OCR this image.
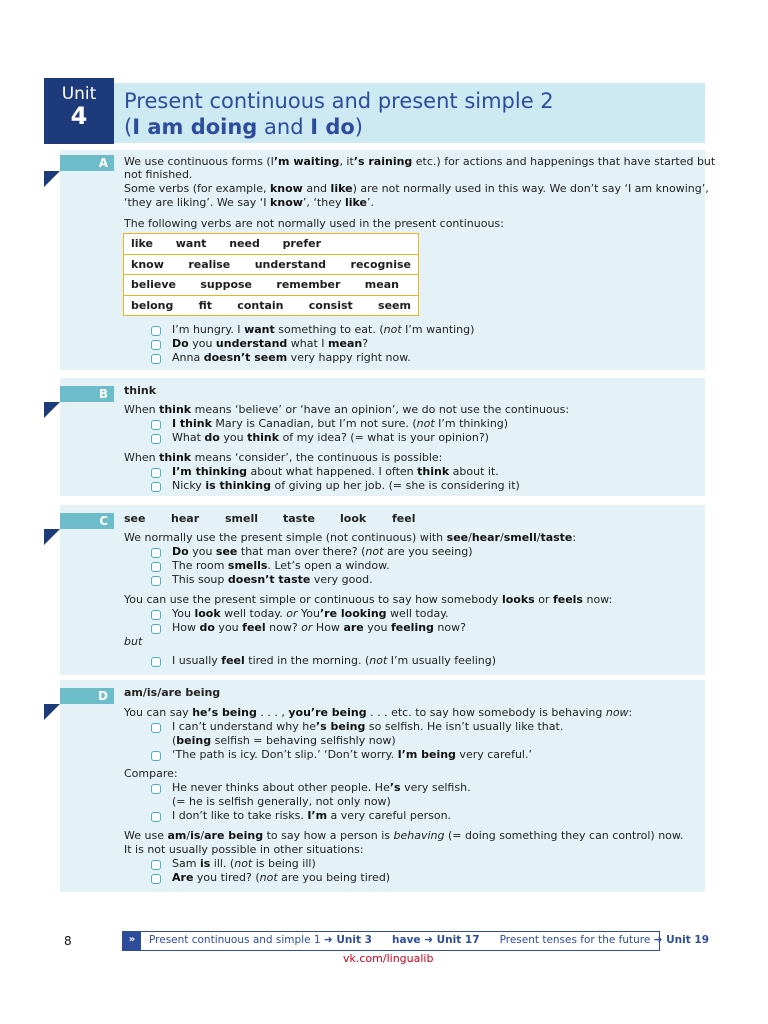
Unit
4
Present continuous and present simple 2
(I am doing and I do)
A	We use continuous forms (I’m waiting, it’s raining etc.) for actions and happenings that have started but
not finished.
Some verbs (for example, know and like) are not normally used in this way. We don’t say ‘I am knowing’,
‘they are liking’. We say ‘I know’, ‘they like’.
The following verbs are not normally used in the present continuous:
like want need prefer

know realise understand recognise

believe suppose remember mean

belong fit contain consist seem
I’m hungry. I want something to eat. (not I’m wanting)
Do you understand what I mean?
Anna doesn’t seem very happy right now.
B	think
When think means ‘believe’ or ‘have an opinion’, we do not use the continuous:
I think Mary is Canadian, but I’m not sure. (not I’m thinking)
What do you think of my idea? (= what is your opinion?)
When think means ‘consider’, the continuous is possible:
I’m thinking about what happened. I often think about it.
Nicky is thinking of giving up her job. (= she is considering it)
C	see hear smell taste look feel
We normally use the present simple (not continuous) with see/hear/smell/taste:
Do you see that man over there? (not are you seeing)
The room smells. Let’s open a window.
This soup doesn’t taste very good.
You can use the present simple or continuous to say how somebody looks or feels now:
You look well today. or You’re looking well today.
How do you feel now? or How are you feeling now?
but
I usually feel tired in the morning. (not I’m usually feeling)
D	am/is/are being
You can say he’s being . . . , you’re being . . . etc. to say how somebody is behaving now:
I can’t understand why he’s being so selfish. He isn’t usually like that.
(being selfish = behaving selfishly now)
‘The path is icy. Don’t slip.’ ‘Don’t worry. I’m being very careful.’
Compare:
He never thinks about other people. He’s very selfish.
(= he is selfish generally, not only now)
I don’t like to take risks. I’m a very careful person.
We use am/is/are being to say how a person is behaving (= doing something they can control) now.
It is not usually possible in other situations:
Sam is ill. (not is being ill)
Are you tired? (not are you being tired)
8	»	Present continuous and simple 1 ➜ Unit 3 have ➜ Unit 17 Present tenses for the future ➜ Unit 19
vk.com/lingualib
